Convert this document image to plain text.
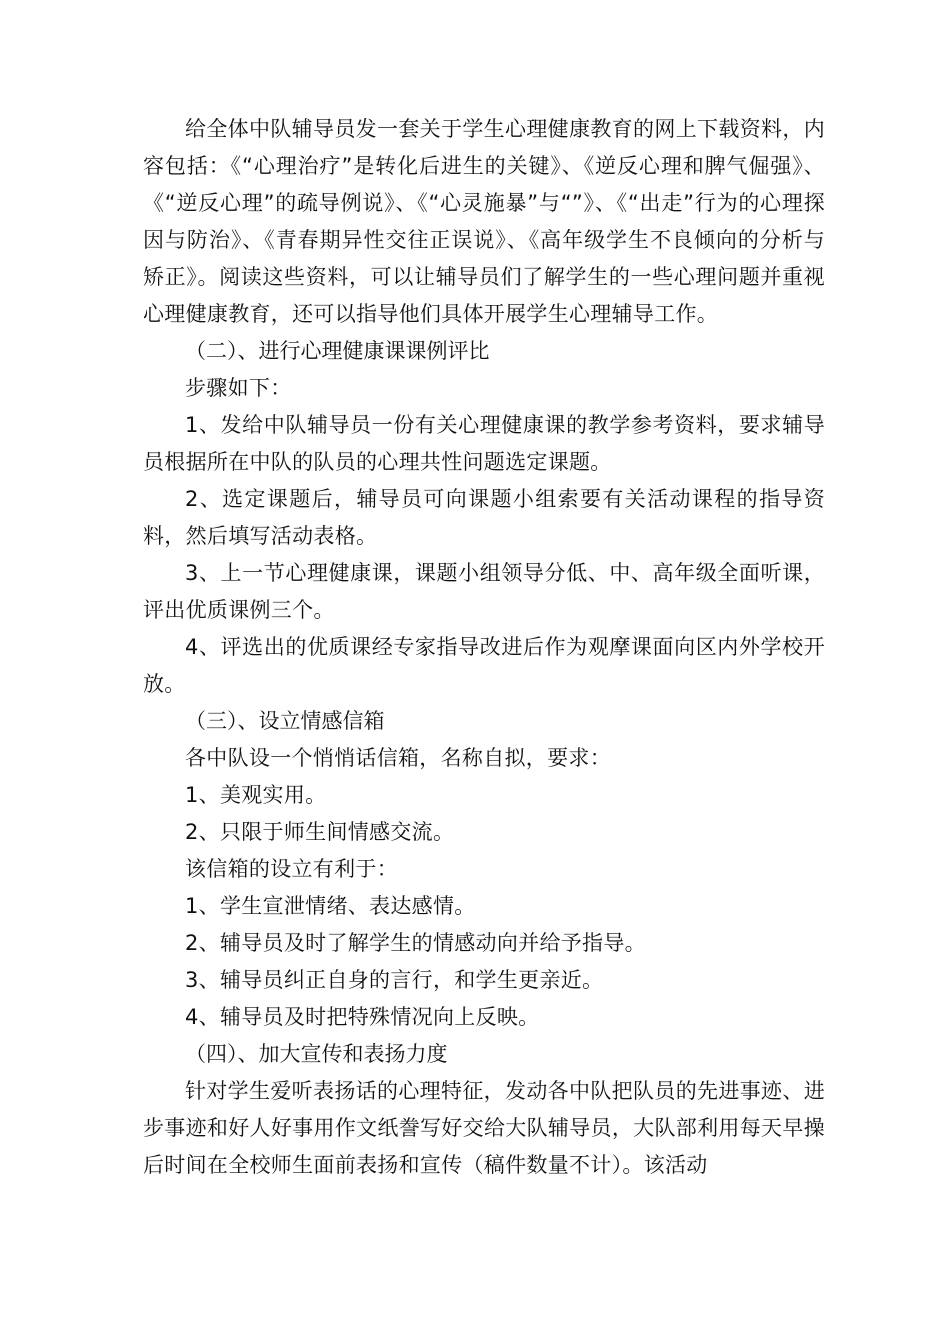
给全体中队辅导员发一套关于学生心理健康教育的网上下载资料，内容包括：《“心理治疗”是转化后进生的关键》、《逆反心理和脾气倔强》、《“逆反心理”的疏导例说》、《“心灵施暴”与“”》、《“出走”行为的心理探因与防治》、《青春期异性交往正误说》、《高年级学生不良倾向的分析与矫正》。阅读这些资料，可以让辅导员们了解学生的一些心理问题并重视心理健康教育，还可以指导他们具体开展学生心理辅导工作。

（二）、进行心理健康课课例评比

步骤如下：

1、发给中队辅导员一份有关心理健康课的教学参考资料，要求辅导员根据所在中队的队员的心理共性问题选定课题。

2、选定课题后，辅导员可向课题小组索要有关活动课程的指导资料，然后填写活动表格。

3、上一节心理健康课，课题小组领导分低、中、高年级全面听课，评出优质课例三个。

4、评选出的优质课经专家指导改进后作为观摩课面向区内外学校开放。

（三）、设立情感信箱

各中队设一个悄悄话信箱，名称自拟，要求：

1、美观实用。

2、只限于师生间情感交流。

该信箱的设立有利于：

1、学生宣泄情绪、表达感情。

2、辅导员及时了解学生的情感动向并给予指导。

3、辅导员纠正自身的言行，和学生更亲近。

4、辅导员及时把特殊情况向上反映。

（四）、加大宣传和表扬力度

针对学生爱听表扬话的心理特征，发动各中队把队员的先进事迹、进步事迹和好人好事用作文纸誊写好交给大队辅导员，大队部利用每天早操后时间在全校师生面前表扬和宣传（稿件数量不计）。该活动
